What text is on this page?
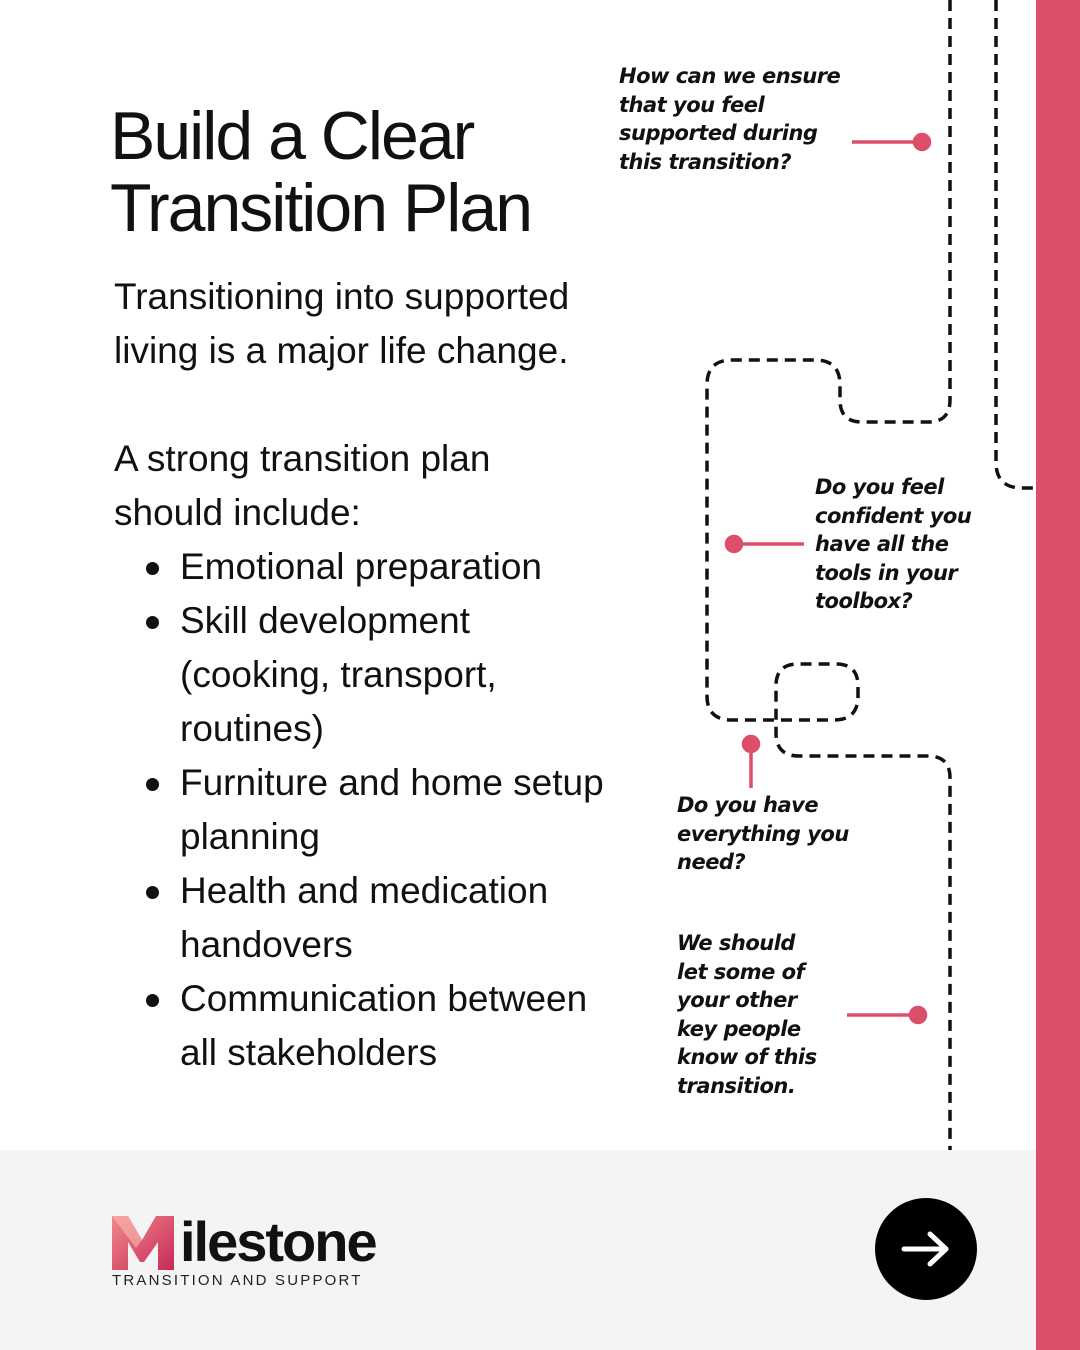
Build a Clear
Transition Plan

Transitioning into supported
living is a major life change.

A strong transition plan
should include:

Emotional preparation
Skill development
(cooking, transport,
routines)
Furniture and home setup
planning
Health and medication
handovers
Communication between
all stakeholders
How can we ensure
that you feel
supported during
this transition?
Do you feel
confident you
have all the
tools in your
toolbox?
Do you have
everything you
need?
We should
let some of
your other
key people
know of this
transition.
ilestone
TRANSITION AND SUPPORT
